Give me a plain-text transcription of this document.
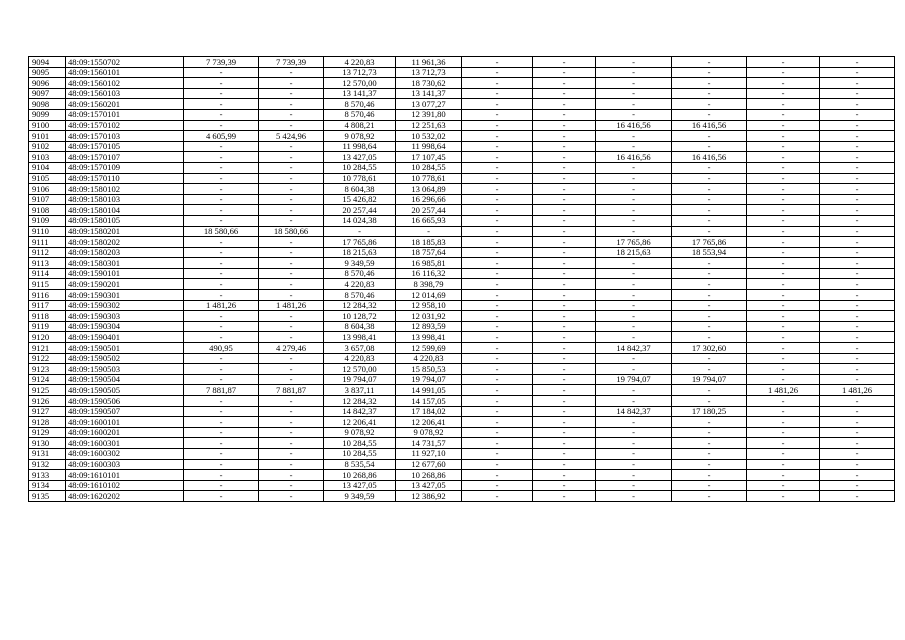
9094	48:09:1550702	7 739,39	7 739,39	4 220,83	11 961,36	-	-	-	-	-	-
9095	48:09:1560101	-	-	13 712,73	13 712,73	-	-	-	-	-	-
9096	48:09:1560102	-	-	12 570,00	18 730,62	-	-	-	-	-	-
9097	48:09:1560103	-	-	13 141,37	13 141,37	-	-	-	-	-	-
9098	48:09:1560201	-	-	8 570,46	13 077,27	-	-	-	-	-	-
9099	48:09:1570101	-	-	8 570,46	12 391,80	-	-	-	-	-	-
9100	48:09:1570102	-	-	4 808,21	12 251,63	-	-	16 416,56	16 416,56	-	-
9101	48:09:1570103	4 605,99	5 424,96	9 078,92	10 532,02	-	-	-	-	-	-
9102	48:09:1570105	-	-	11 998,64	11 998,64	-	-	-	-	-	-
9103	48:09:1570107	-	-	13 427,05	17 107,45	-	-	16 416,56	16 416,56	-	-
9104	48:09:1570109	-	-	10 284,55	10 284,55	-	-	-	-	-	-
9105	48:09:1570110	-	-	10 778,61	10 778,61	-	-	-	-	-	-
9106	48:09:1580102	-	-	8 604,38	13 064,89	-	-	-	-	-	-
9107	48:09:1580103	-	-	15 426,82	16 296,66	-	-	-	-	-	-
9108	48:09:1580104	-	-	20 257,44	20 257,44	-	-	-	-	-	-
9109	48:09:1580105	-	-	14 024,38	16 665,93	-	-	-	-	-	-
9110	48:09:1580201	18 580,66	18 580,66	-	-	-	-	-	-	-	-
9111	48:09:1580202	-	-	17 765,86	18 185,83	-	-	17 765,86	17 765,86	-	-
9112	48:09:1580203	-	-	18 215,63	18 757,64	-	-	18 215,63	18 553,94	-	-
9113	48:09:1580301	-	-	9 349,59	16 985,81	-	-	-	-	-	-
9114	48:09:1590101	-	-	8 570,46	16 116,32	-	-	-	-	-	-
9115	48:09:1590201	-	-	4 220,83	8 398,79	-	-	-	-	-	-
9116	48:09:1590301	-	-	8 570,46	12 014,69	-	-	-	-	-	-
9117	48:09:1590302	1 481,26	1 481,26	12 284,32	12 958,10	-	-	-	-	-	-
9118	48:09:1590303	-	-	10 128,72	12 031,92	-	-	-	-	-	-
9119	48:09:1590304	-	-	8 604,38	12 893,59	-	-	-	-	-	-
9120	48:09:1590401	-	-	13 998,41	13 998,41	-	-	-	-	-	-
9121	48:09:1590501	490,95	4 279,46	3 657,08	12 599,69	-	-	14 842,37	17 302,60	-	-
9122	48:09:1590502	-	-	4 220,83	4 220,83	-	-	-	-	-	-
9123	48:09:1590503	-	-	12 570,00	15 850,53	-	-	-	-	-	-
9124	48:09:1590504	-	-	19 794,07	19 794,07	-	-	19 794,07	19 794,07	-	-
9125	48:09:1590505	7 881,87	7 881,87	3 837,11	14 991,05	-	-	-	-	1 481,26	1 481,26
9126	48:09:1590506	-	-	12 284,32	14 157,05	-	-	-	-	-	-
9127	48:09:1590507	-	-	14 842,37	17 184,02	-	-	14 842,37	17 180,25	-	-
9128	48:09:1600101	-	-	12 206,41	12 206,41	-	-	-	-	-	-
9129	48:09:1600201	-	-	9 078,92	9 078,92	-	-	-	-	-	-
9130	48:09:1600301	-	-	10 284,55	14 731,57	-	-	-	-	-	-
9131	48:09:1600302	-	-	10 284,55	11 927,10	-	-	-	-	-	-
9132	48:09:1600303	-	-	8 535,54	12 677,60	-	-	-	-	-	-
9133	48:09:1610101	-	-	10 268,86	10 268,86	-	-	-	-	-	-
9134	48:09:1610102	-	-	13 427,05	13 427,05	-	-	-	-	-	-
9135	48:09:1620202	-	-	9 349,59	12 386,92	-	-	-	-	-	-
